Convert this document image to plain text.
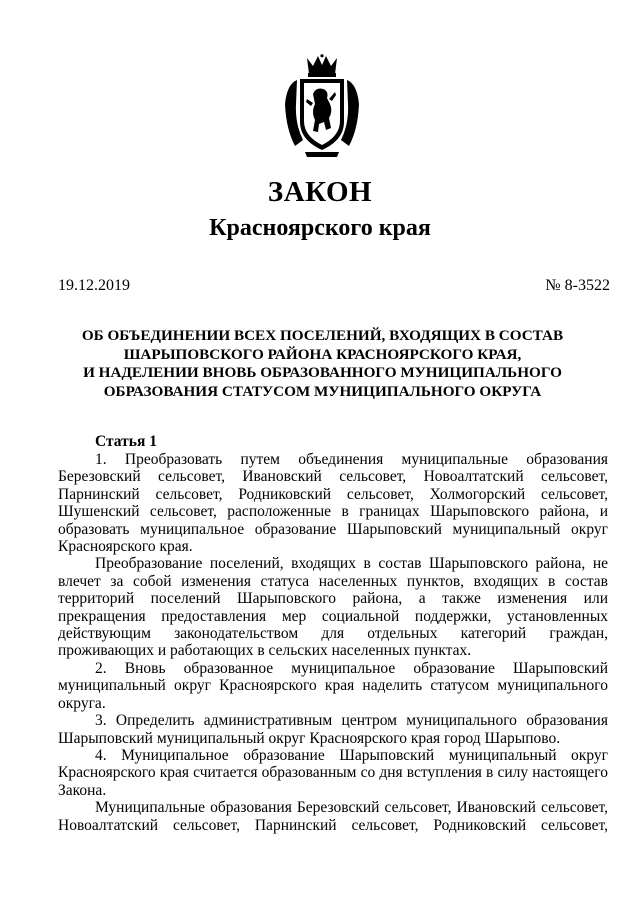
ЗАКОН
Красноярского края
19.12.2019	№ 8-3522
ОБ ОБЪЕДИНЕНИИ ВСЕХ ПОСЕЛЕНИЙ, ВХОДЯЩИХ В СОСТАВ
ШАРЫПОВСКОГО РАЙОНА КРАСНОЯРСКОГО КРАЯ,
И НАДЕЛЕНИИ ВНОВЬ ОБРАЗОВАННОГО МУНИЦИПАЛЬНОГО
ОБРАЗОВАНИЯ СТАТУСОМ МУНИЦИПАЛЬНОГО ОКРУГА
Статья 1

1. Преобразовать путем объединения муниципальные образования Березовский сельсовет, Ивановский сельсовет, Новоалтатский сельсовет, Парнинский сельсовет, Родниковский сельсовет, Холмогорский сельсовет, Шушенский сельсовет, расположенные в границах Шарыповского района, и образовать муниципальное образование Шарыповский муниципальный округ Красноярского края.

Преобразование поселений, входящих в состав Шарыповского района, не влечет за собой изменения статуса населенных пунктов, входящих в состав территорий поселений Шарыповского района, а также изменения или прекращения предоставления мер социальной поддержки, установленных действующим законодательством для отдельных категорий граждан, проживающих и работающих в сельских населенных пунктах.

2. Вновь образованное муниципальное образование Шарыповский муниципальный округ Красноярского края наделить статусом муниципального округа.

3. Определить административным центром муниципального образования Шарыповский муниципальный округ Красноярского края город Шарыпово.

4. Муниципальное образование Шарыповский муниципальный округ Красноярского края считается образованным со дня вступления в силу настоящего Закона.

Муниципальные образования Березовский сельсовет, Ивановский сельсовет, Новоалтатский сельсовет, Парнинский сельсовет, Родниковский сельсовет,
